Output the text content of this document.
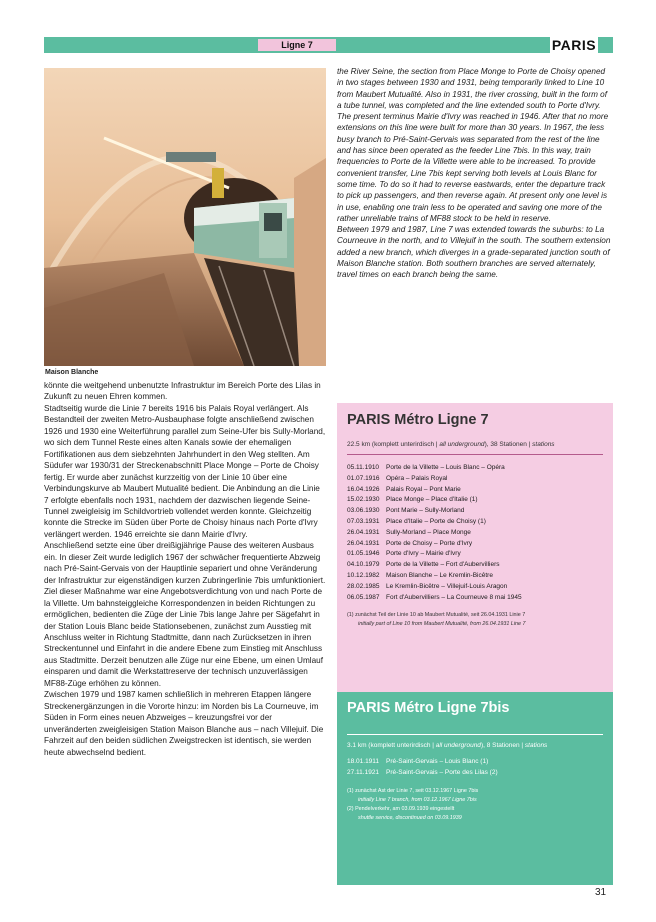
Ligne 7	PARIS
Maison Blanche

the River Seine, the section from Place Monge to Porte de Choisy opened in two stages between 1930 and 1931, being temporarily linked to Line 10 from Maubert Mutualité. Also in 1931, the river crossing, built in the form of a tube tunnel, was completed and the line extended south to Porte d'Ivry. The present terminus Mairie d'Ivry was reached in 1946. After that no more extensions on this line were built for more than 30 years. In 1967, the less busy branch to Pré-Saint-Gervais was separated from the rest of the line and has since been operated as the feeder Line 7bis. In this way, train frequencies to Porte de la Villette were able to be increased. To provide convenient transfer, Line 7bis kept serving both levels at Louis Blanc for some time. To do so it had to reverse eastwards, enter the departure track to pick up passengers, and then reverse again. At present only one level is in use, enabling one train less to be operated and saving one more of the rather unreliable trains of MF88 stock to be held in reserve.

Between 1979 and 1987, Line 7 was extended towards the suburbs: to La Courneuve in the north, and to Villejuif in the south. The southern extension added a new branch, which diverges in a grade-separated junction south of Maison Blanche station. Both southern branches are served alternately, travel times on each branch being the same.

könnte die weitgehend unbenutzte Infrastruktur im Bereich Porte des Lilas in Zukunft zu neuen Ehren kommen.

Stadtseitig wurde die Linie 7 bereits 1916 bis Palais Royal verlängert. Als Bestandteil der zweiten Metro-Ausbauphase folgte anschließend zwischen 1926 und 1930 eine Weiterführung parallel zum Seine-Ufer bis Sully-Morland, wo sich dem Tunnel Reste eines alten Kanals sowie der ehemaligen Fortifikationen aus dem siebzehnten Jahrhundert in den Weg stellten. Am Südufer war 1930/31 der Streckenabschnitt Place Monge – Porte de Choisy fertig. Er wurde aber zunächst kurzzeitig von der Linie 10 über eine Verbindungskurve ab Maubert Mutualité bedient. Die Anbindung an die Linie 7 erfolgte ebenfalls noch 1931, nachdem der dazwischen liegende Seine-Tunnel zweigleisig im Schildvortrieb vollendet werden konnte. Gleichzeitig konnte die Strecke im Süden über Porte de Choisy hinaus nach Porte d'Ivry verlängert werden. 1946 erreichte sie dann Mairie d'Ivry.

Anschließend setzte eine über dreißigjährige Pause des weiteren Ausbaus ein. In dieser Zeit wurde lediglich 1967 der schwächer frequentierte Abzweig nach Pré-Saint-Gervais von der Hauptlinie separiert und ohne Veränderung der Infrastruktur zur eigenständigen kurzen Zubringerlinie 7bis umfunktioniert. Ziel dieser Maßnahme war eine Angebotsverdichtung von und nach Porte de la Villette. Um bahnsteiggleiche Korrespondenzen in beiden Richtungen zu ermöglichen, bedienten die Züge der Linie 7bis lange Jahre per Sägefahrt in der Station Louis Blanc beide Stationsebenen, zunächst zum Ausstieg mit Anschluss weiter in Richtung Stadtmitte, dann nach Zurücksetzen in ihren Streckentunnel und Einfahrt in die andere Ebene zum Einstieg mit Anschluss aus Stadtmitte. Derzeit benutzen alle Züge nur eine Ebene, um einen Umlauf einsparen und damit die Werkstattreserve der technisch unzuverlässigen MF88-Züge erhöhen zu können.

Zwischen 1979 und 1987 kamen schließlich in mehreren Etappen längere Streckenergänzungen in die Vororte hinzu: im Norden bis La Courneuve, im Süden in Form eines neuen Abzweiges – kreuzungsfrei vor der unveränderten zweigleisigen Station Maison Blanche aus – nach Villejuif. Die Fahrzeit auf den beiden südlichen Zweigstrecken ist identisch, sie werden heute abwechselnd bedient.

PARIS Métro Ligne 7
22.5 km (komplett unterirdisch | all underground), 38 Stationen | stations
05.11.1910 Porte de la Villette – Louis Blanc – Opéra
01.07.1916 Opéra – Palais Royal
16.04.1926 Palais Royal – Pont Marie
15.02.1930 Place Monge – Place d'Italie (1)
03.06.1930 Pont Marie – Sully-Morland
07.03.1931 Place d'Italie – Porte de Choisy (1)
26.04.1931 Sully-Morland – Place Monge
26.04.1931 Porte de Choisy – Porte d'Ivry
01.05.1946 Porte d'Ivry – Mairie d'Ivry
04.10.1979 Porte de la Villette – Fort d'Aubervilliers
10.12.1982 Maison Blanche – Le Kremlin-Bicêtre
28.02.1985 Le Kremlin-Bicêtre – Villejuif-Louis Aragon
06.05.1987 Fort d'Aubervilliers – La Courneuve 8 mai 1945
(1) zunächst Teil der Linie 10 ab Maubert Mutualité, seit 26.04.1931 Linie 7
initially part of Line 10 from Maubert Mutualité, from 26.04.1931 Line 7
PARIS Métro Ligne 7bis
3.1 km (komplett unterirdisch | all underground), 8 Stationen | stations
18.01.1911 Pré-Saint-Gervais – Louis Blanc (1)
27.11.1921 Pré-Saint-Gervais – Porte des Lilas (2)
(1) zunächst Ast der Linie 7, seit 03.12.1967 Ligne 7bis
initially Line 7 branch, from 03.12.1967 Ligne 7bis
(2) Pendelverkehr, am 03.09.1939 eingestellt
shuttle service, discontinued on 03.09.1939
31
